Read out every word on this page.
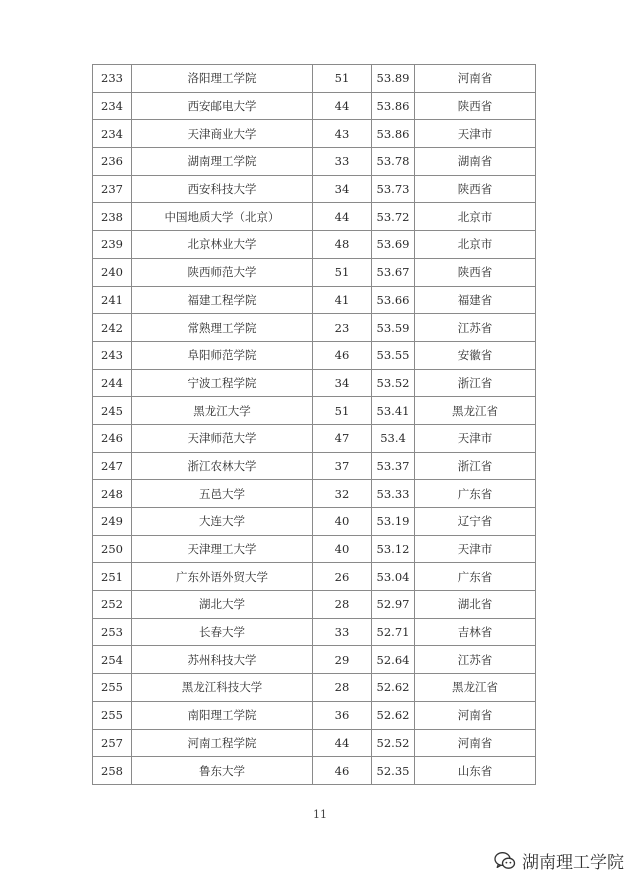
233	洛阳理工学院	51	53.89	河南省
234	西安邮电大学	44	53.86	陕西省
234	天津商业大学	43	53.86	天津市
236	湖南理工学院	33	53.78	湖南省
237	西安科技大学	34	53.73	陕西省
238	中国地质大学（北京）	44	53.72	北京市
239	北京林业大学	48	53.69	北京市
240	陕西师范大学	51	53.67	陕西省
241	福建工程学院	41	53.66	福建省
242	常熟理工学院	23	53.59	江苏省
243	阜阳师范学院	46	53.55	安徽省
244	宁波工程学院	34	53.52	浙江省
245	黑龙江大学	51	53.41	黑龙江省
246	天津师范大学	47	53.4	天津市
247	浙江农林大学	37	53.37	浙江省
248	五邑大学	32	53.33	广东省
249	大连大学	40	53.19	辽宁省
250	天津理工大学	40	53.12	天津市
251	广东外语外贸大学	26	53.04	广东省
252	湖北大学	28	52.97	湖北省
253	长春大学	33	52.71	吉林省
254	苏州科技大学	29	52.64	江苏省
255	黑龙江科技大学	28	52.62	黑龙江省
255	南阳理工学院	36	52.62	河南省
257	河南工程学院	44	52.52	河南省
258	鲁东大学	46	52.35	山东省
11
湖南理工学院
